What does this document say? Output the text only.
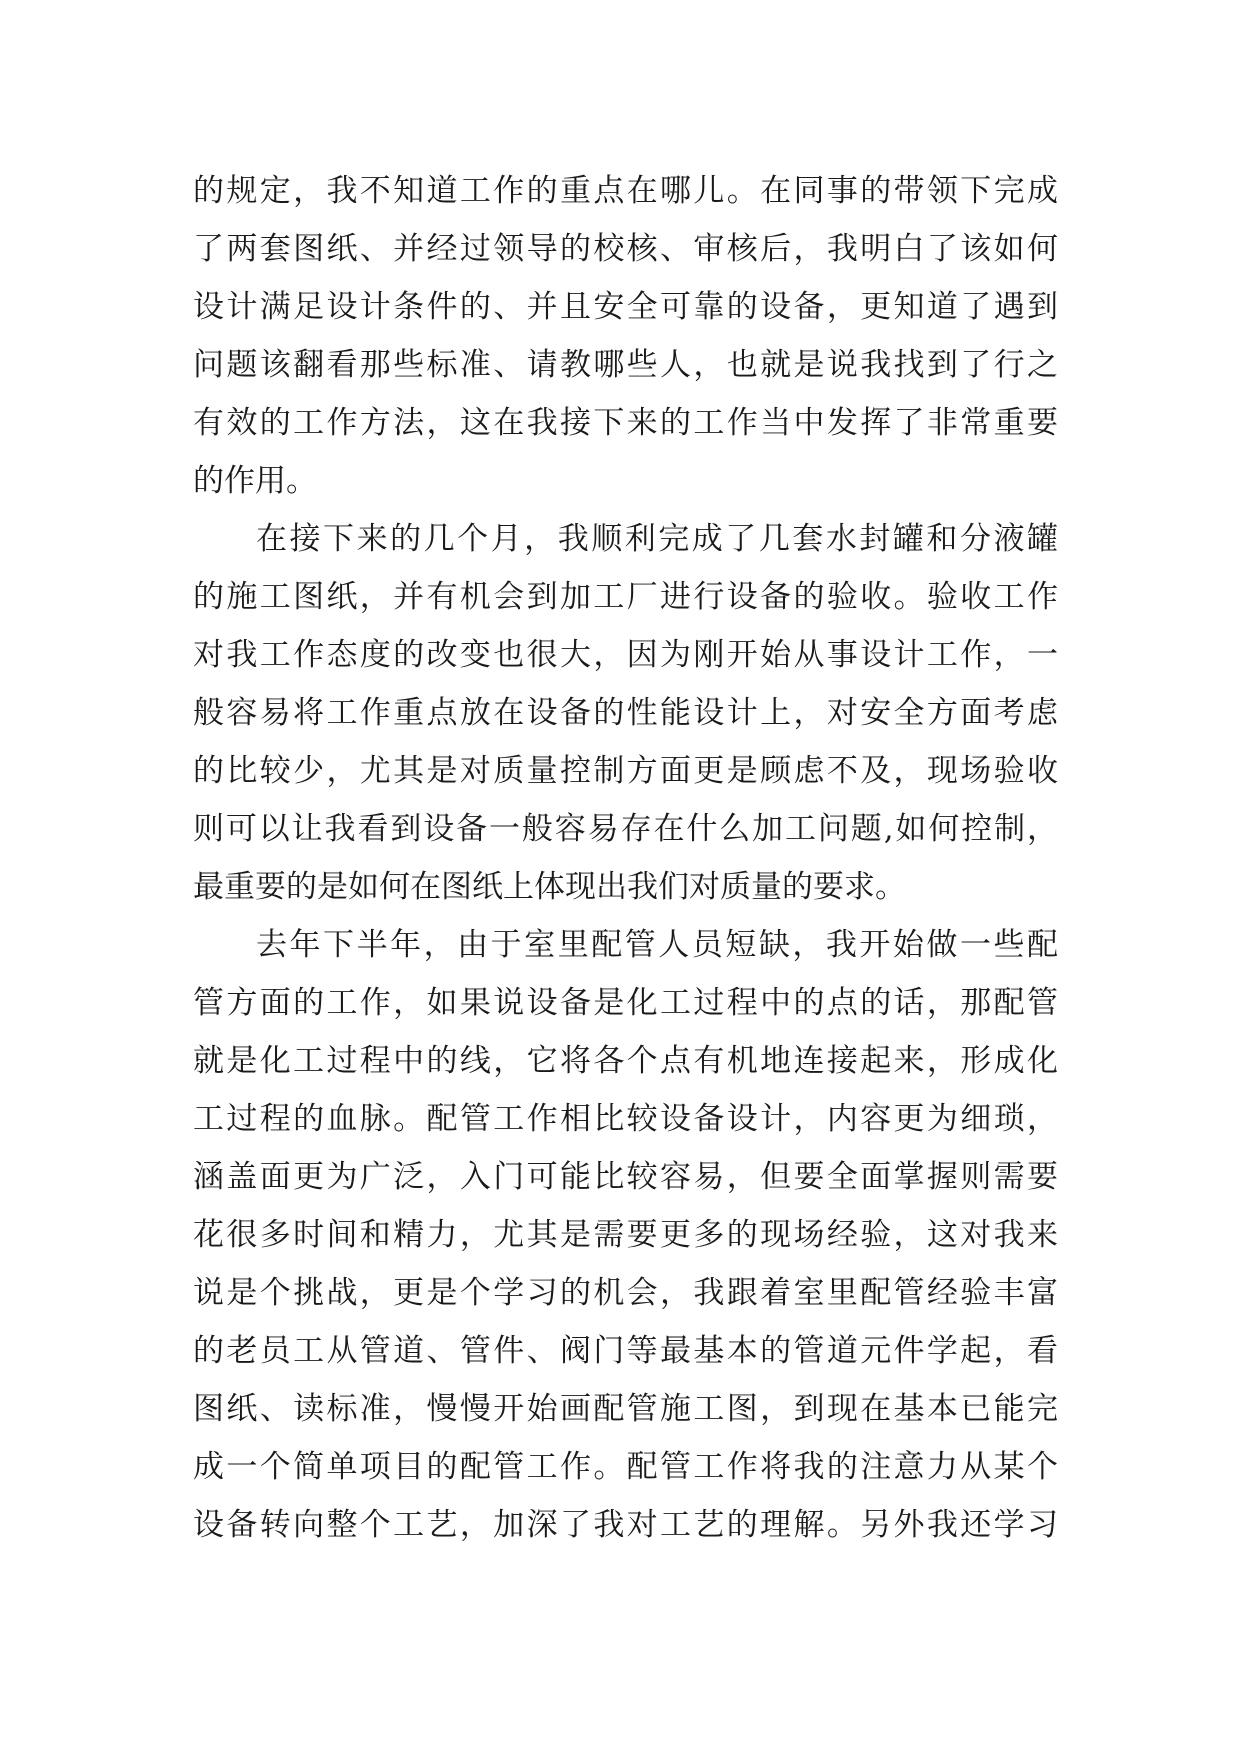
的规定，我不知道工作的重点在哪儿。在同事的带领下完成
了两套图纸、并经过领导的校核、审核后，我明白了该如何
设计满足设计条件的、并且安全可靠的设备，更知道了遇到
问题该翻看那些标准、请教哪些人，也就是说我找到了行之
有效的工作方法，这在我接下来的工作当中发挥了非常重要
的作用。
在接下来的几个月，我顺利完成了几套水封罐和分液罐
的施工图纸，并有机会到加工厂进行设备的验收。验收工作
对我工作态度的改变也很大，因为刚开始从事设计工作，一
般容易将工作重点放在设备的性能设计上，对安全方面考虑
的比较少，尤其是对质量控制方面更是顾虑不及，现场验收
则可以让我看到设备一般容易存在什么加工问题,如何控制，
最重要的是如何在图纸上体现出我们对质量的要求。
去年下半年，由于室里配管人员短缺，我开始做一些配
管方面的工作，如果说设备是化工过程中的点的话，那配管
就是化工过程中的线，它将各个点有机地连接起来，形成化
工过程的血脉。配管工作相比较设备设计，内容更为细琐，
涵盖面更为广泛，入门可能比较容易，但要全面掌握则需要
花很多时间和精力，尤其是需要更多的现场经验，这对我来
说是个挑战，更是个学习的机会，我跟着室里配管经验丰富
的老员工从管道、管件、阀门等最基本的管道元件学起，看
图纸、读标准，慢慢开始画配管施工图，到现在基本已能完
成一个简单项目的配管工作。配管工作将我的注意力从某个
设备转向整个工艺，加深了我对工艺的理解。另外我还学习
